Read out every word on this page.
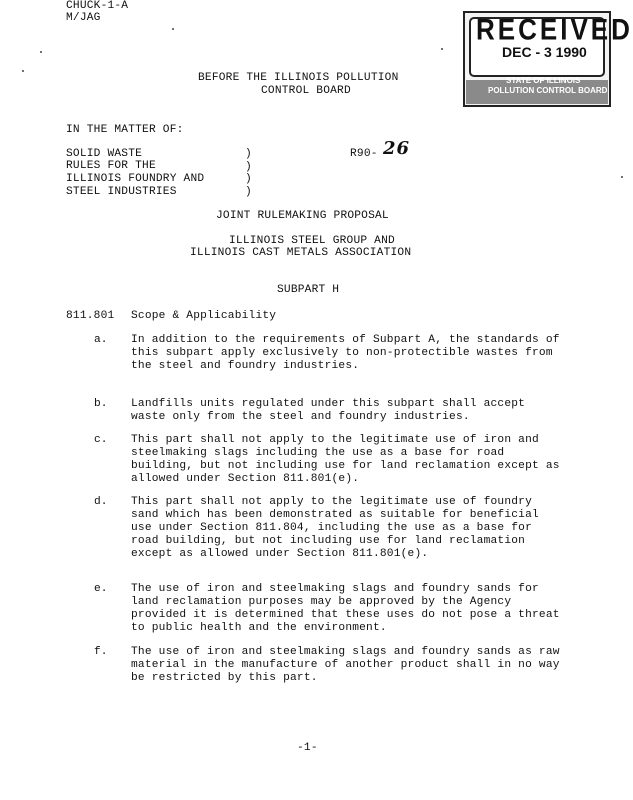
CHUCK-1-A
M/JAG	RECEIVED
DEC - 3 1990
STATE OF ILLINOIS
POLLUTION CONTROL BOARD
BEFORE THE ILLINOIS POLLUTION
CONTROL BOARD
IN THE MATTER OF:
SOLID WASTE
RULES FOR THE
ILLINOIS FOUNDRY AND
STEEL INDUSTRIES
)
)
)
)
R90- 26
JOINT RULEMAKING PROPOSAL
ILLINOIS STEEL GROUP AND
ILLINOIS CAST METALS ASSOCIATION
SUBPART H
811.801 Scope & Applicability
a. In addition to the requirements of Subpart A, the standards of this subpart apply exclusively to non-protectible wastes from the steel and foundry industries.
b. Landfills units regulated under this subpart shall accept waste only from the steel and foundry industries.
c. This part shall not apply to the legitimate use of iron and steelmaking slags including the use as a base for road building, but not including use for land reclamation except as allowed under Section 811.801(e).
d. This part shall not apply to the legitimate use of foundry sand which has been demonstrated as suitable for beneficial use under Section 811.804, including the use as a base for road building, but not including use for land reclamation except as allowed under Section 811.801(e).
e. The use of iron and steelmaking slags and foundry sands for land reclamation purposes may be approved by the Agency provided it is determined that these uses do not pose a threat to public health and the environment.
f. The use of iron and steelmaking slags and foundry sands as raw material in the manufacture of another product shall in no way be restricted by this part.
-1-
